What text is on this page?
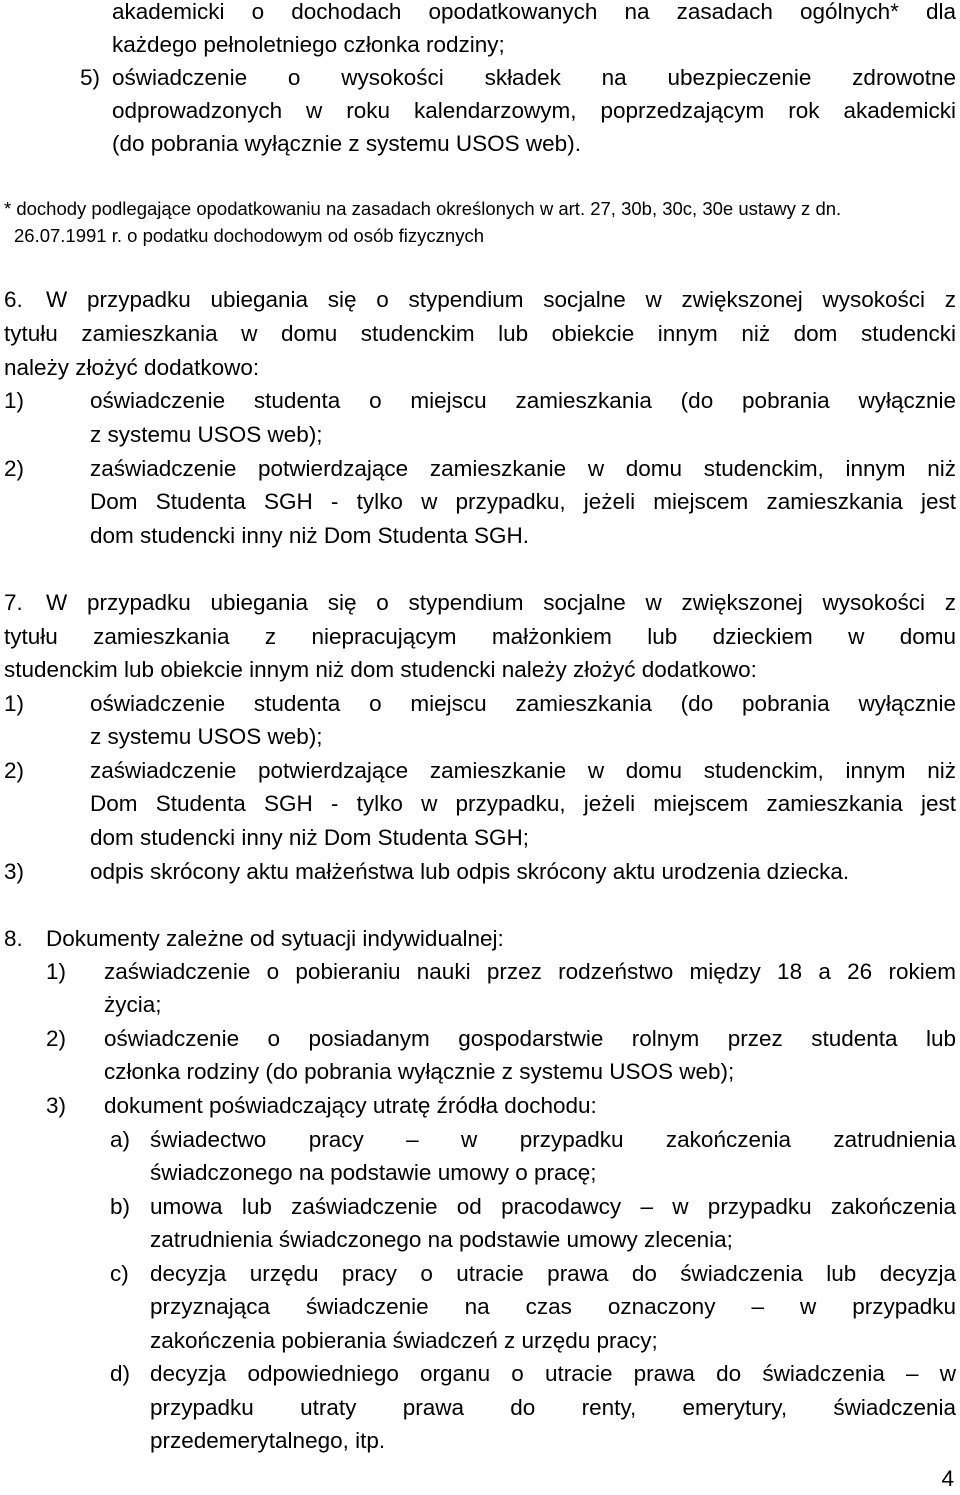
akademicki o dochodach opodatkowanych na zasadach ogólnych* dla
każdego pełnoletniego członka rodziny;
5) oświadczenie o wysokości składek na ubezpieczenie zdrowotne
odprowadzonych w roku kalendarzowym, poprzedzającym rok akademicki
(do pobrania wyłącznie z systemu USOS web).
* dochody podlegające opodatkowaniu na zasadach określonych w art. 27, 30b, 30c, 30e ustawy z dn.
26.07.1991 r. o podatku dochodowym od osób fizycznych
6. W przypadku ubiegania się o stypendium socjalne w zwiększonej wysokości z
tytułu zamieszkania w domu studenckim lub obiekcie innym niż dom studencki
należy złożyć dodatkowo:
1)	oświadczenie studenta o miejscu zamieszkania (do pobrania wyłącznie
z systemu USOS web);
2)	zaświadczenie potwierdzające zamieszkanie w domu studenckim, innym niż
Dom Studenta SGH - tylko w przypadku, jeżeli miejscem zamieszkania jest
dom studencki inny niż Dom Studenta SGH.
7. W przypadku ubiegania się o stypendium socjalne w zwiększonej wysokości z
tytułu zamieszkania z niepracującym małżonkiem lub dzieckiem w domu
studenckim lub obiekcie innym niż dom studencki należy złożyć dodatkowo:
1)	oświadczenie studenta o miejscu zamieszkania (do pobrania wyłącznie
z systemu USOS web);
2)	zaświadczenie potwierdzające zamieszkanie w domu studenckim, innym niż
Dom Studenta SGH - tylko w przypadku, jeżeli miejscem zamieszkania jest
dom studencki inny niż Dom Studenta SGH;
3)	odpis skrócony aktu małżeństwa lub odpis skrócony aktu urodzenia dziecka.
8. Dokumenty zależne od sytuacji indywidualnej:
1) zaświadczenie o pobieraniu nauki przez rodzeństwo między 18 a 26 rokiem
życia;
2) oświadczenie o posiadanym gospodarstwie rolnym przez studenta lub
członka rodziny (do pobrania wyłącznie z systemu USOS web);
3) dokument poświadczający utratę źródła dochodu:
a) świadectwo pracy – w przypadku zakończenia zatrudnienia
świadczonego na podstawie umowy o pracę;
b) umowa lub zaświadczenie od pracodawcy – w przypadku zakończenia
zatrudnienia świadczonego na podstawie umowy zlecenia;
c) decyzja urzędu pracy o utracie prawa do świadczenia lub decyzja
przyznająca świadczenie na czas oznaczony – w przypadku
zakończenia pobierania świadczeń z urzędu pracy;
d) decyzja odpowiedniego organu o utracie prawa do świadczenia – w
przypadku utraty prawa do renty, emerytury, świadczenia
przedemerytalnego, itp.
4
